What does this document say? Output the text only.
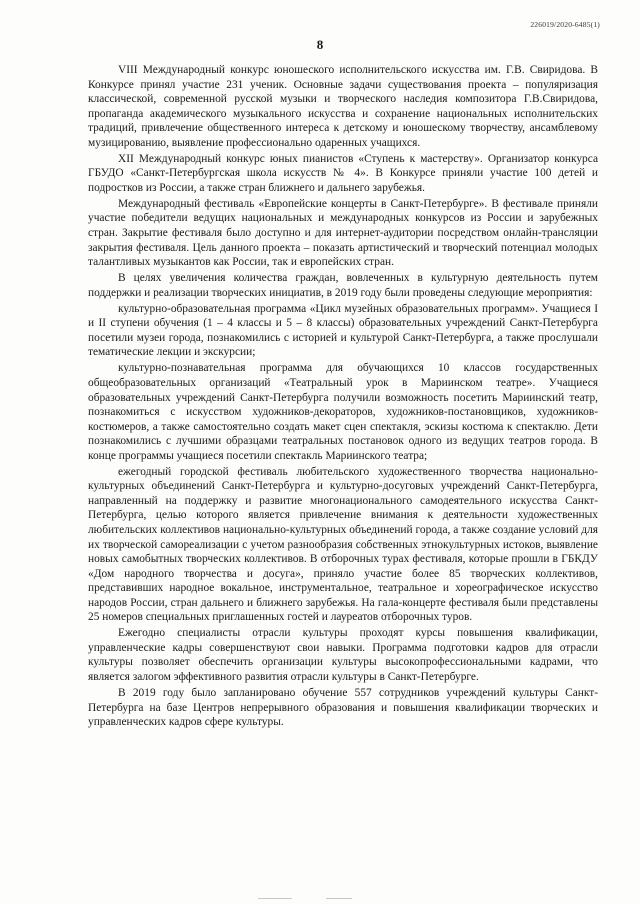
226019/2020-6485(1)
8

VIII Международный конкурс юношеского исполнительского искусства им. Г.В. Свиридова. В Конкурсе принял участие 231 ученик. Основные задачи существования проекта – популяризация классической, современной русской музыки и творческого наследия композитора Г.В.Свиридова, пропаганда академического музыкального искусства и сохранение национальных исполнительских традиций, привлечение общественного интереса к детскому и юношескому творчеству, ансамблевому музицированию, выявление профессионально одаренных учащихся.

XII Международный конкурс юных пианистов «Ступень к мастерству». Организатор конкурса ГБУДО «Санкт-Петербургская школа искусств № 4». В Конкурсе приняли участие 100 детей и подростков из России, а также стран ближнего и дальнего зарубежья.

Международный фестиваль «Европейские концерты в Санкт-Петербурге». В фестивале приняли участие победители ведущих национальных и международных конкурсов из России и зарубежных стран. Закрытие фестиваля было доступно и для интернет-аудитории посредством онлайн-трансляции закрытия фестиваля. Цель данного проекта – показать артистический и творческий потенциал молодых талантливых музыкантов как России, так и европейских стран.

В целях увеличения количества граждан, вовлеченных в культурную деятельность путем поддержки и реализации творческих инициатив, в 2019 году были проведены следующие мероприятия:

культурно-образовательная программа «Цикл музейных образовательных программ». Учащиеся I и II ступени обучения (1 – 4 классы и 5 – 8 классы) образовательных учреждений Санкт-Петербурга посетили музеи города, познакомились с историей и культурой Санкт-Петербурга, а также прослушали тематические лекции и экскурсии;

культурно-познавательная программа для обучающихся 10 классов государственных общеобразовательных организаций «Театральный урок в Мариинском театре». Учащиеся образовательных учреждений Санкт-Петербурга получили возможность посетить Мариинский театр, познакомиться с искусством художников-декораторов, художников-постановщиков, художников-костюмеров, а также самостоятельно создать макет сцен спектакля, эскизы костюма к спектаклю. Дети познакомились с лучшими образцами театральных постановок одного из ведущих театров города. В конце программы учащиеся посетили спектакль Мариинского театра;

ежегодный городской фестиваль любительского художественного творчества национально-культурных объединений Санкт-Петербурга и культурно-досуговых учреждений Санкт-Петербурга, направленный на поддержку и развитие многонационального самодеятельного искусства Санкт-Петербурга, целью которого является привлечение внимания к деятельности художественных любительских коллективов национально-культурных объединений города, а также создание условий для их творческой самореализации с учетом разнообразия собственных этнокультурных истоков, выявление новых самобытных творческих коллективов. В отборочных турах фестиваля, которые прошли в ГБКДУ «Дом народного творчества и досуга», приняло участие более 85 творческих коллективов, представивших народное вокальное, инструментальное, театральное и хореографическое искусство народов России, стран дальнего и ближнего зарубежья. На гала-концерте фестиваля были представлены 25 номеров специальных приглашенных гостей и лауреатов отборочных туров.

Ежегодно специалисты отрасли культуры проходят курсы повышения квалификации, управленческие кадры совершенствуют свои навыки. Программа подготовки кадров для отрасли культуры позволяет обеспечить организации культуры высокопрофессиональными кадрами, что является залогом эффективного развития отрасли культуры в Санкт-Петербурге.

В 2019 году было запланировано обучение 557 сотрудников учреждений культуры Санкт-Петербурга на базе Центров непрерывного образования и повышения квалификации творческих и управленческих кадров сфере культуры.
